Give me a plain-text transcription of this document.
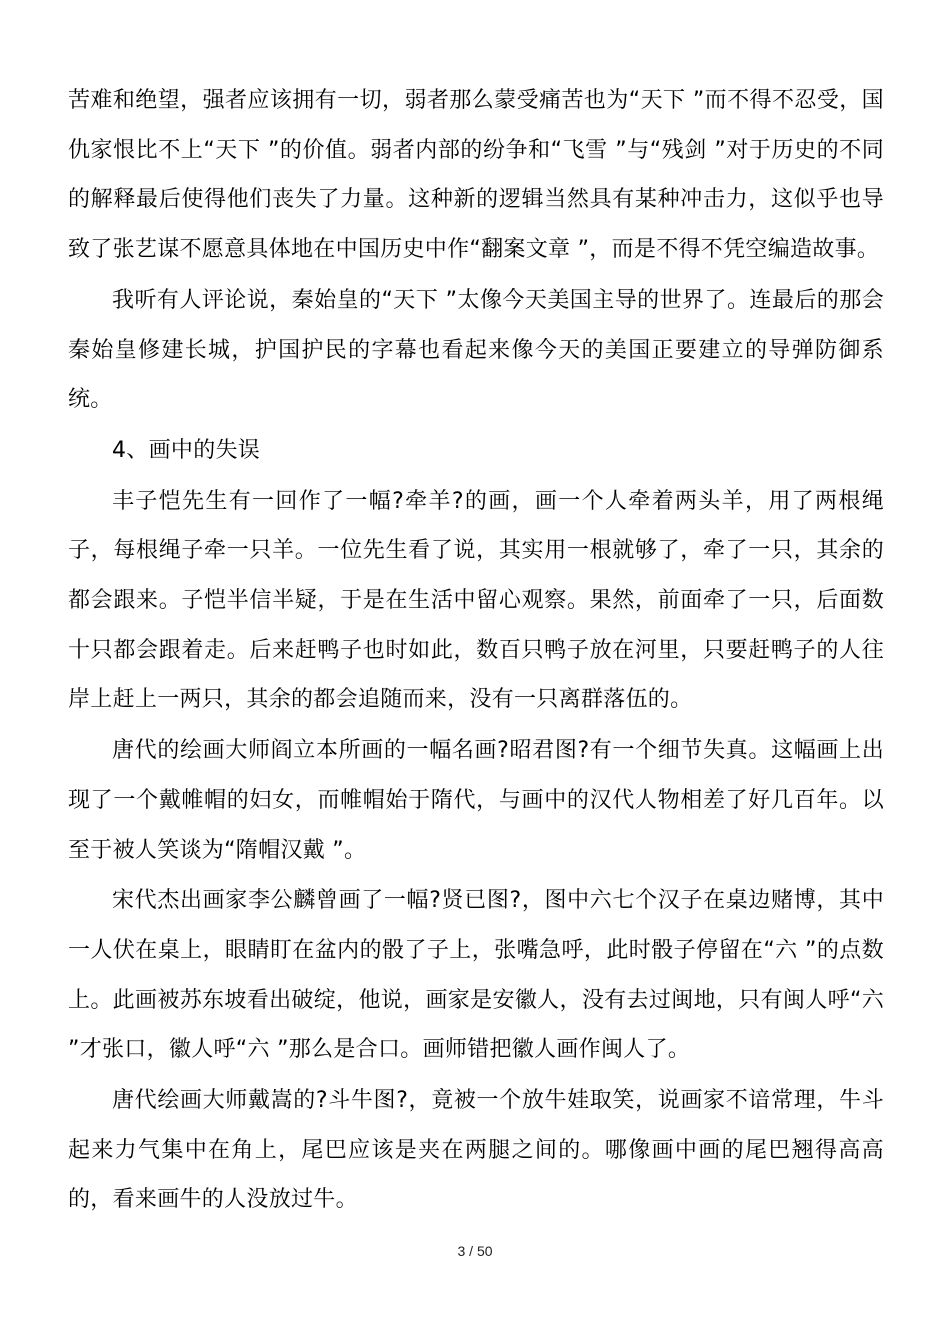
苦难和绝望，强者应该拥有一切，弱者那么蒙受痛苦也为“天下 ”而不得不忍受，国仇家恨比不上“天下 ”的价值。弱者内部的纷争和“飞雪 ”与“残剑 ”对于历史的不同的解释最后使得他们丧失了力量。这种新的逻辑当然具有某种冲击力，这似乎也导致了张艺谋不愿意具体地在中国历史中作“翻案文章 ”，而是不得不凭空编造故事。

我听有人评论说，秦始皇的“天下 ”太像今天美国主导的世界了。连最后的那会秦始皇修建长城，护国护民的字幕也看起来像今天的美国正要建立的导弹防御系统。

4、画中的失误

丰子恺先生有一回作了一幅?牵羊?的画，画一个人牵着两头羊，用了两根绳子，每根绳子牵一只羊。一位先生看了说，其实用一根就够了，牵了一只，其余的都会跟来。子恺半信半疑，于是在生活中留心观察。果然，前面牵了一只，后面数十只都会跟着走。后来赶鸭子也时如此，数百只鸭子放在河里，只要赶鸭子的人往岸上赶上一两只，其余的都会追随而来，没有一只离群落伍的。

唐代的绘画大师阎立本所画的一幅名画?昭君图?有一个细节失真。这幅画上出现了一个戴帷帽的妇女，而帷帽始于隋代，与画中的汉代人物相差了好几百年。以至于被人笑谈为“隋帽汉戴 ”。

宋代杰出画家李公麟曾画了一幅?贤已图?，图中六七个汉子在桌边赌博，其中一人伏在桌上，眼睛盯在盆内的骰了子上，张嘴急呼，此时骰子停留在“六 ”的点数上。此画被苏东坡看出破绽，他说，画家是安徽人，没有去过闽地，只有闽人呼“六 ”才张口，徽人呼“六 ”那么是合口。画师错把徽人画作闽人了。

唐代绘画大师戴嵩的?斗牛图?，竟被一个放牛娃取笑，说画家不谙常理，牛斗起来力气集中在角上，尾巴应该是夹在两腿之间的。哪像画中画的尾巴翘得高高的，看来画牛的人没放过牛。

3 / 50
